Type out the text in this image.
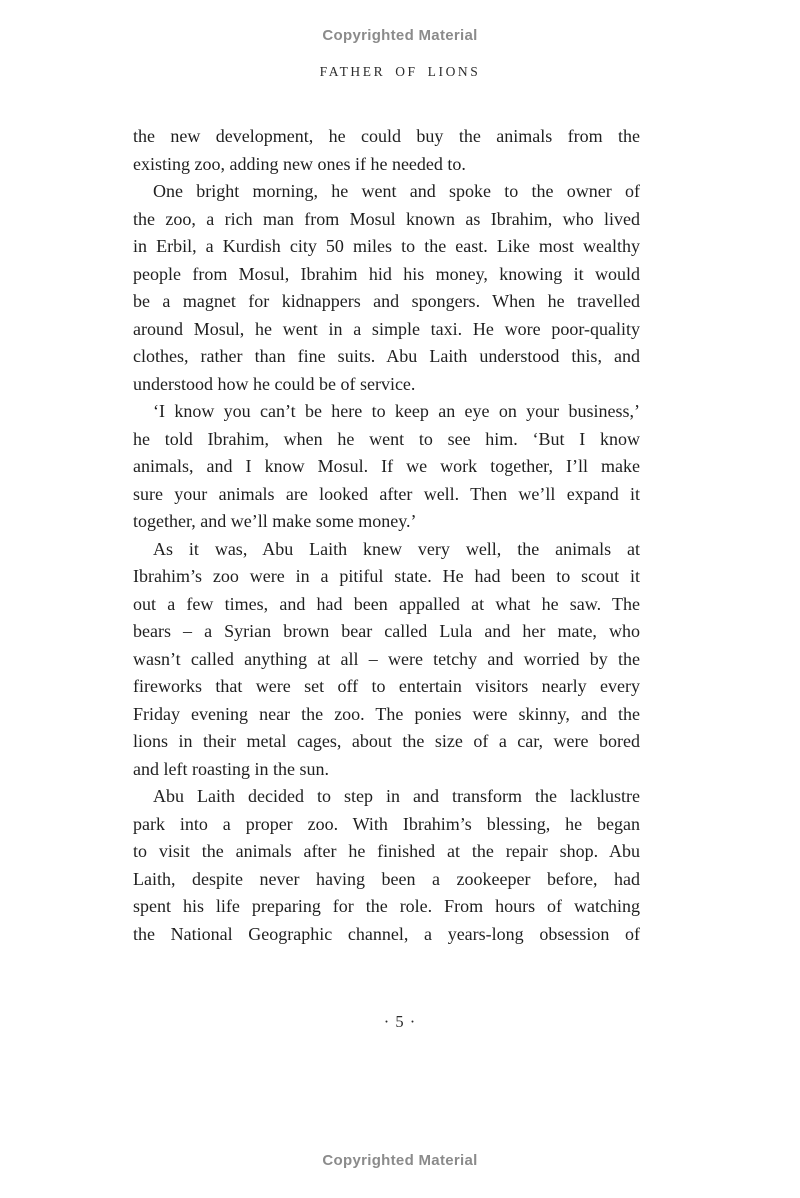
Copyrighted Material
FATHER OF LIONS
the new development, he could buy the animals from the
existing zoo, adding new ones if he needed to.
One bright morning, he went and spoke to the owner of
the zoo, a rich man from Mosul known as Ibrahim, who lived
in Erbil, a Kurdish city 50 miles to the east. Like most wealthy
people from Mosul, Ibrahim hid his money, knowing it would
be a magnet for kidnappers and spongers. When he travelled
around Mosul, he went in a simple taxi. He wore poor-quality
clothes, rather than fine suits. Abu Laith understood this, and
understood how he could be of service.
‘I know you can’t be here to keep an eye on your business,’
he told Ibrahim, when he went to see him. ‘But I know
animals, and I know Mosul. If we work together, I’ll make
sure your animals are looked after well. Then we’ll expand it
together, and we’ll make some money.’
As it was, Abu Laith knew very well, the animals at
Ibrahim’s zoo were in a pitiful state. He had been to scout it
out a few times, and had been appalled at what he saw. The
bears – a Syrian brown bear called Lula and her mate, who
wasn’t called anything at all – were tetchy and worried by the
fireworks that were set off to entertain visitors nearly every
Friday evening near the zoo. The ponies were skinny, and the
lions in their metal cages, about the size of a car, were bored
and left roasting in the sun.
Abu Laith decided to step in and transform the lacklustre
park into a proper zoo. With Ibrahim’s blessing, he began
to visit the animals after he finished at the repair shop. Abu
Laith, despite never having been a zookeeper before, had
spent his life preparing for the role. From hours of watching
the National Geographic channel, a years-long obsession of
· 5 ·
Copyrighted Material
